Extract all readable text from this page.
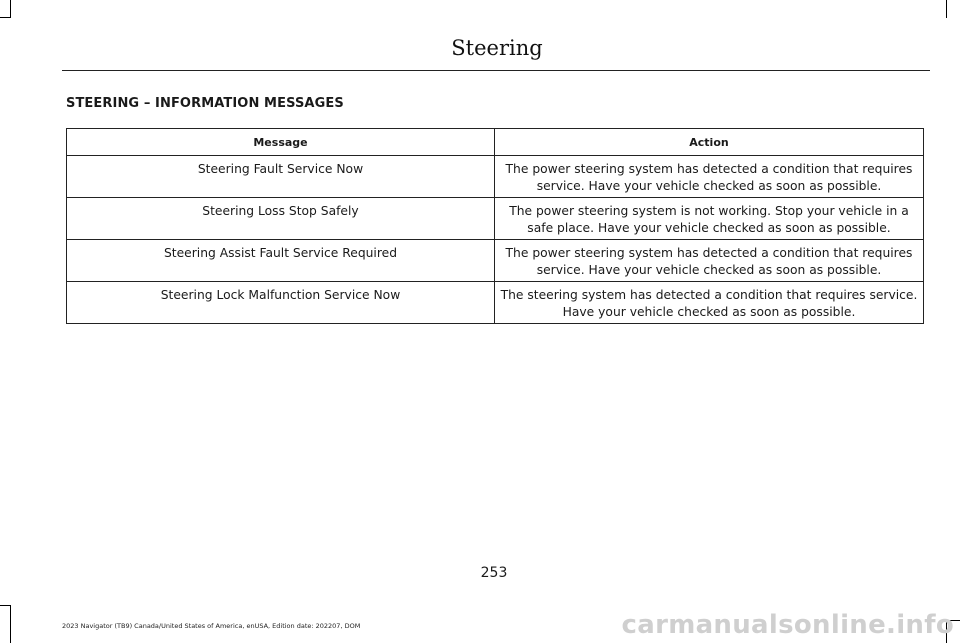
Steering
STEERING – INFORMATION MESSAGES
Message	Action
Steering Fault Service Now	The power steering system has detected a condition that requires service. Have your vehicle checked as soon as possible.
Steering Loss Stop Safely	The power steering system is not working. Stop your vehicle in a safe place. Have your vehicle checked as soon as possible.
Steering Assist Fault Service Required	The power steering system has detected a condition that requires service. Have your vehicle checked as soon as possible.
Steering Lock Malfunction Service Now	The steering system has detected a condition that requires service. Have your vehicle checked as soon as possible.
253
2023 Navigator (TB9) Canada/United States of America, enUSA, Edition date: 202207, DOM	carmanualsonline.info
